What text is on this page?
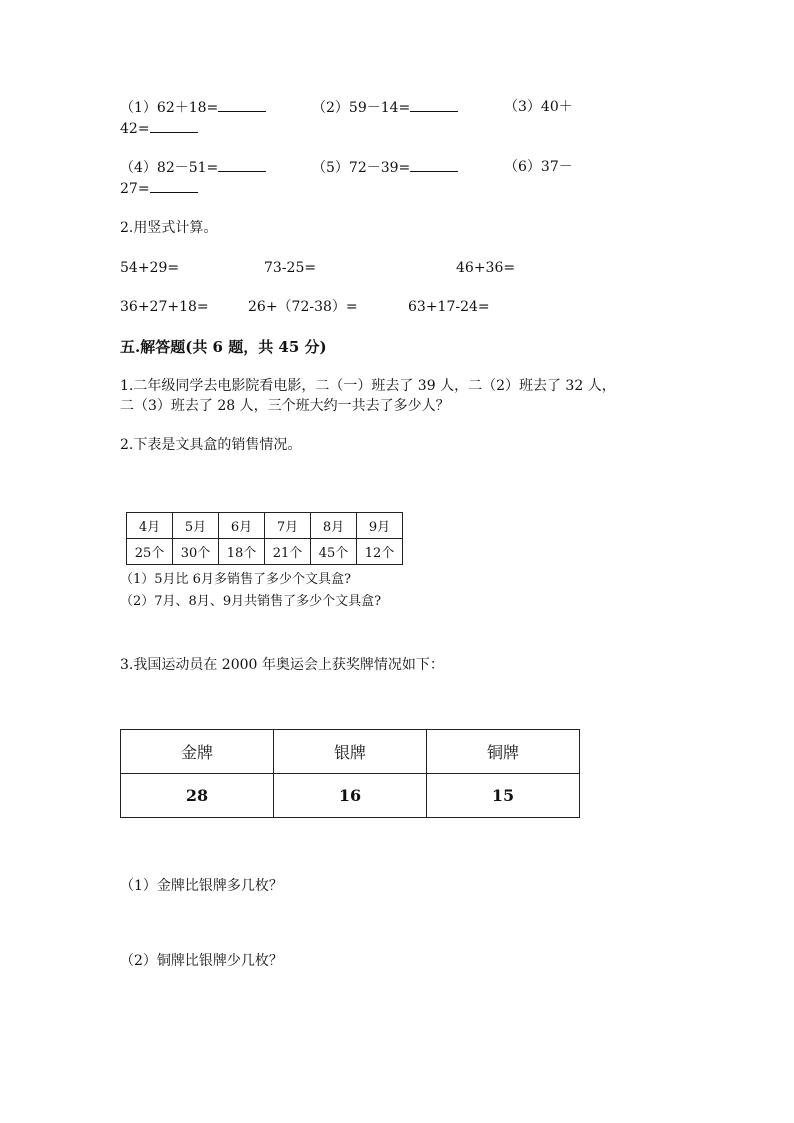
（1）62＋18=	（2）59－14=	（3）40＋
42=
（4）82－51=	（5）72－39=	（6）37－
27=
2.用竖式计算。
54+29=	73-25=	46+36=
36+27+18=	26+（72-38）=	63+17-24=
五.解答题(共 6 题，共 45 分)
1.二年级同学去电影院看电影，二（一）班去了 39 人，二（2）班去了 32 人，
二（3）班去了 28 人，三个班大约一共去了多少人？
2.下表是文具盒的销售情况。
4月	5月	6月	7月	8月	9月
25个	30个	18个	21个	45个	12个
（1）5月比 6月多销售了多少个文具盒?
（2）7月、8月、9月共销售了多少个文具盒?
3.我国运动员在 2000 年奥运会上获奖牌情况如下：
金牌	银牌	铜牌
28	16	15
（1）金牌比银牌多几枚？
（2）铜牌比银牌少几枚？
